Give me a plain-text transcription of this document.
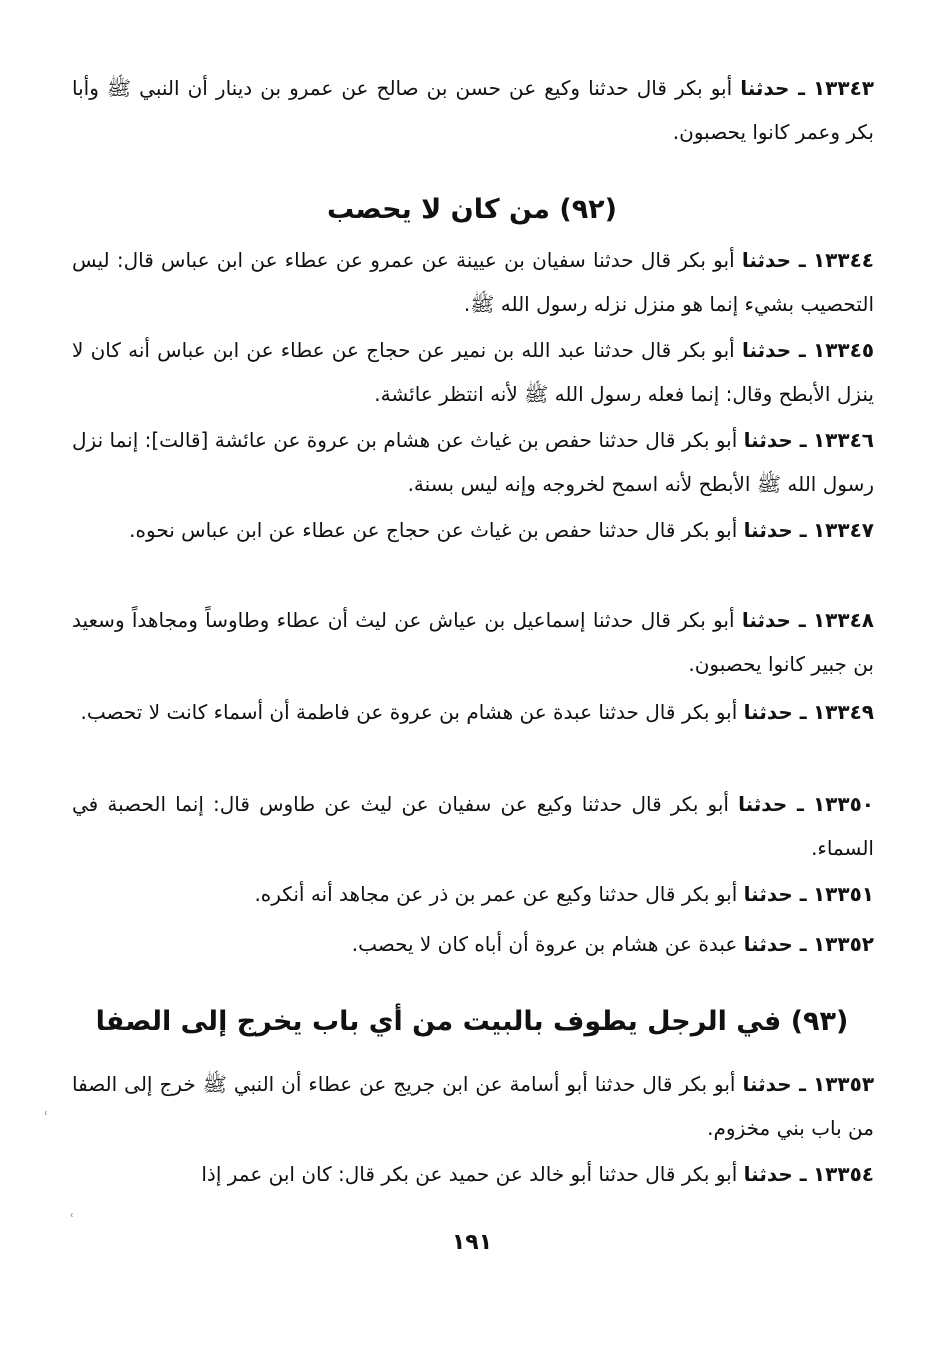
١٣٣٤٣ ـ حدثنا أبو بكر قال حدثنا وكيع عن حسن بن صالح عن عمرو بن دينار أن النبي ﷺ وأبا بكر وعمر كانوا يحصبون.
(٩٢) من كان لا يحصب
١٣٣٤٤ ـ حدثنا أبو بكر قال حدثنا سفيان بن عيينة عن عمرو عن عطاء عن ابن عباس قال: ليس التحصيب بشيء إنما هو منزل نزله رسول الله ﷺ.
١٣٣٤٥ ـ حدثنا أبو بكر قال حدثنا عبد الله بن نمير عن حجاج عن عطاء عن ابن عباس أنه كان لا ينزل الأبطح وقال: إنما فعله رسول الله ﷺ لأنه انتظر عائشة.
١٣٣٤٦ ـ حدثنا أبو بكر قال حدثنا حفص بن غياث عن هشام بن عروة عن عائشة [قالت]: إنما نزل رسول الله ﷺ الأبطح لأنه اسمح لخروجه وإنه ليس بسنة.
١٣٣٤٧ ـ حدثنا أبو بكر قال حدثنا حفص بن غياث عن حجاج عن عطاء عن ابن عباس نحوه.
١٣٣٤٨ ـ حدثنا أبو بكر قال حدثنا إسماعيل بن عياش عن ليث أن عطاء وطاوساً ومجاهداً وسعيد بن جبير كانوا يحصبون.
١٣٣٤٩ ـ حدثنا أبو بكر قال حدثنا عبدة عن هشام بن عروة عن فاطمة أن أسماء كانت لا تحصب.
١٣٣٥٠ ـ حدثنا أبو بكر قال حدثنا وكيع عن سفيان عن ليث عن طاوس قال: إنما الحصبة في السماء.
١٣٣٥١ ـ حدثنا أبو بكر قال حدثنا وكيع عن عمر بن ذر عن مجاهد أنه أنكره.
١٣٣٥٢ ـ حدثنا عبدة عن هشام بن عروة أن أباه كان لا يحصب.
(٩٣) في الرجل يطوف بالبيت من أي باب يخرج إلى الصفا
١٣٣٥٣ ـ حدثنا أبو بكر قال حدثنا أبو أسامة عن ابن جريج عن عطاء أن النبي ﷺ خرج إلى الصفا من باب بني مخزوم.
١٣٣٥٤ ـ حدثنا أبو بكر قال حدثنا أبو خالد عن حميد عن بكر قال: كان ابن عمر إذا
١٩١
ʿ
ʿ
